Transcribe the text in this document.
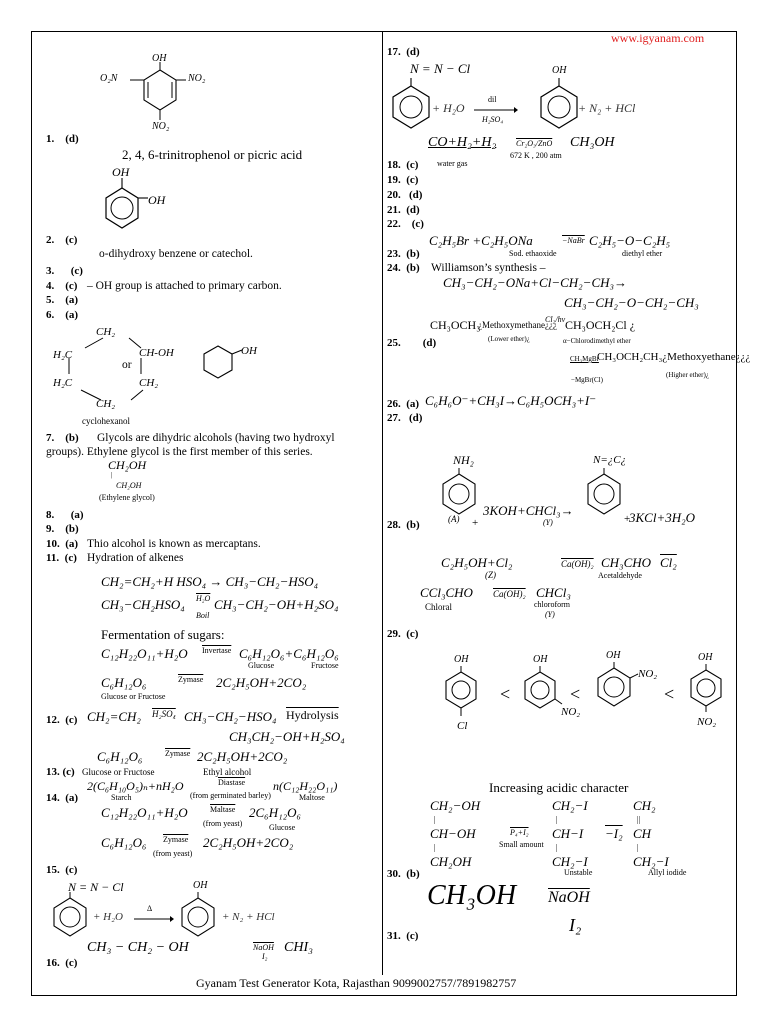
www.igyanam.com
OH
O₂N	NO₂
NO₂
1. (d)
2, 4, 6-trinitrophenol or picric acid
OH
OH
2. (c)
o-dihydroxy benzene or catechol.
3. (c)
4. (c) – OH group is attached to primary carbon.
5. (a)
6. (a)
CH₂
H₂C
H₂C
CH-OH
CH₂
CH₂
or
OH
cyclohexanol
7. (b) Glycols are dihydric alcohols (having two hydroxyl
groups). Ethylene glycol is the first member of this series.
CH₂OH
|
CH₂OH
(Ethylene glycol)
8. (a)
9. (b)
10. (a) Thio alcohol is known as mercaptans.
11. (c) Hydration of alkenes
CH₂=CH₂+H HSO₄ → CH₃−CH₂−HSO₄
CH₃−CH₂HSO₄ H₂O CH₃−CH₂−OH+H₂SO₄
Boil
Fermentation of sugars:
C₁₂H₂₂O₁₁+H₂O Invertase C₆H₁₂O₆+C₆H₁₂O₆
Glucose	Fructose
C₆H₁₂O₆	Zymase 2C₂H₅OH+2CO₂
Glucose or Fructose
12. (c) CH₂=CH₂ H₂SO₄ CH₃−CH₂−HSO₄ Hydrolysis
CH₃CH₂−OH+H₂SO₄
C₆H₁₂O₆	Zymase 2C₂H₅OH+2CO₂
13. (c) Glucose or Fructose	Ethyl alcohol
2(C₆H₁₀O₅)ₙ+nH₂O	Diastase n(C₁₂H₂₂O₁₁)
Starch	(from germinated barley)	Maltose
14. (a)
C₁₂H₂₂O₁₁+H₂O	Maltase 2C₆H₁₂O₆
(from yeast)	Glucose
C₆H₁₂O₆ Zymase 2C₂H₅OH+2CO₂
(from yeast)
15. (c)
N = N − Cl
+ H₂O
Δ
OH
+ N₂ + HCl
CH₃ − CH₂ − OH	NaOH
I₂
CHI₃
16. (c)
17. (d)
N = N − Cl
+ H₂O
dil
H₂SO₄
OH
+ N₂ + HCl
CO+H₂+H₂ Cr₂O₃/ZnO CH₃OH
water gas
672 K , 200 atm
18. (c)
19. (c)
20. (d)
21. (d)
22. (c)
C₂H₅Br +C₂H₅ONa	−NaBr C₂H₅−O−C₂H₅
Sod. ethaoxide	diethyl ether
23. (b)
24. (b) Williamson’s synthesis –
CH₃−CH₂−ONa+Cl−CH₂−CH₃→
CH₃−CH₂−O−CH₂−CH₃
CH₃OCH₃
¿Methoxymethane¿¿¿
Cl₂/hv CH₃OCH₂Cl ¿
(Lower ether)¿	α−Chlorodimethyl ether
25. (d)
CH₃MgBr
CH₃OCH₂CH₃¿Methoxyethane¿¿¿
−MgBr(Cl)
(Higher ether)¿
26. (a) C₆H₆O⁻+CH₃I→C₆H₅OCH₃+I⁻
27. (d)
NH₂
(A) +
3KOH+CHCl₃→
(Y)
N=¿C¿
+
3KCl+3H₂O
28. (b)
C₂H₅OH+Cl₂	Ca(OH)₂ CH₃CHO Cl₂
(Z)	Acetaldehyde
CCl₃CHO Ca(OH)₂ CHCl₃
Chloral	chloroform
(Y)
29. (c)
OH
Cl
<
OH
NO₂
<
OH
NO₂
<
OH
NO₂
Increasing acidic character
CH₂−OH
|
CH−OH
|
CH₂OH
P₄+I₂
Small amount
CH₂−I
|
CH−I
|
CH₂−I
Unstable
−I₂
CH₂
||
CH
|
CH₂−I
Allyl iodide
30. (b)
CH₃OH NaOH
I₂
31. (c)
Gyanam Test Generator Kota, Rajasthan 9099002757/7891982757
